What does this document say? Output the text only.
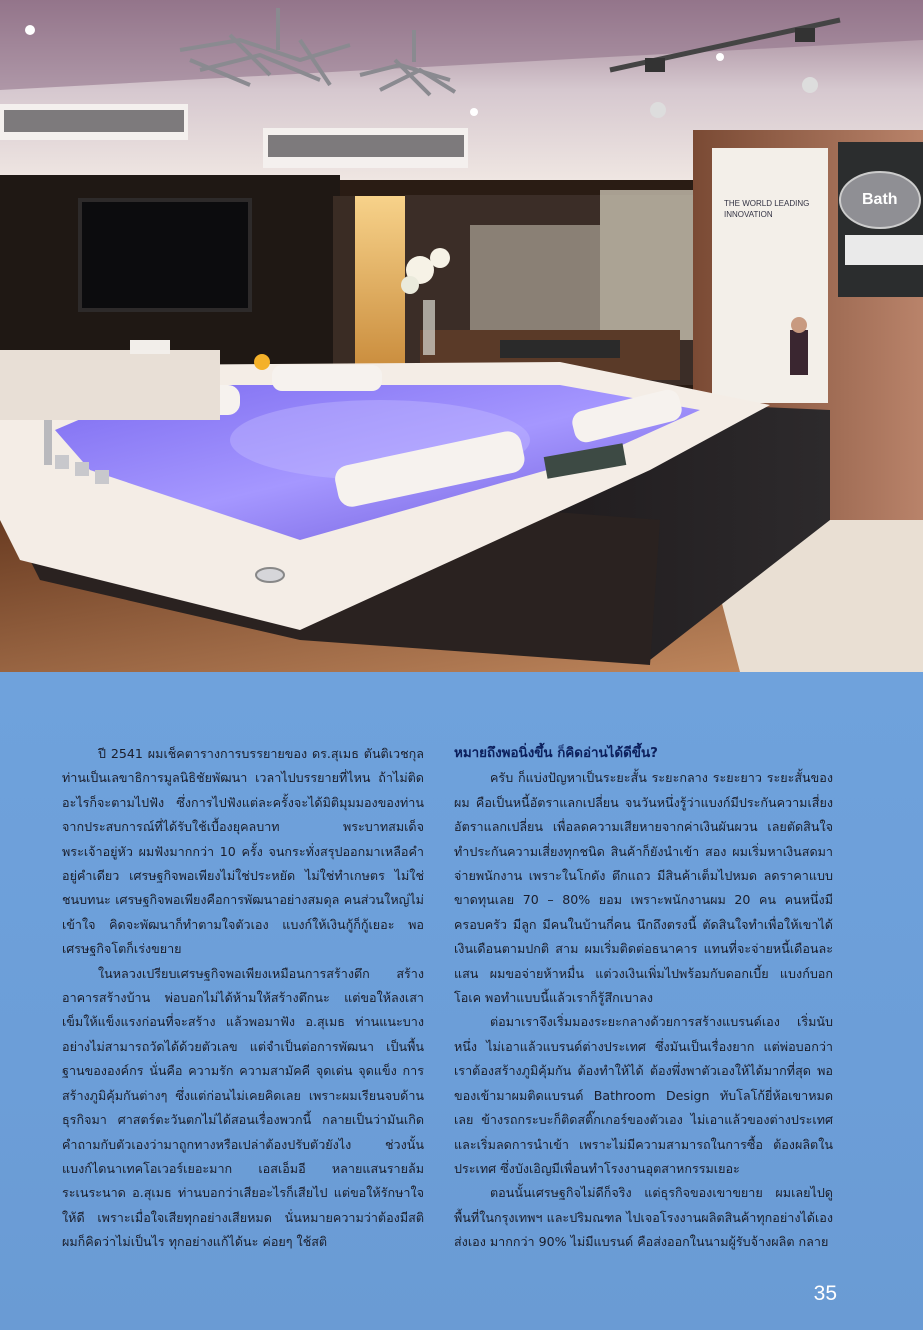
THE WORLD LEADING
INNOVATION
Bath

ปี 2541 ผมเช็คตารางการบรรยายของ ดร.สุเมธ ตันติเวชกุล ท่านเป็นเลขาธิการมูลนิธิชัยพัฒนา เวลาไปบรรยายที่ไหน ถ้าไม่ติดอะไรก็จะตามไปฟัง ซึ่งการไปฟังแต่ละครั้งจะได้มิติมุมมองของท่าน จากประสบการณ์ที่ได้รับใช้เบื้องยุคลบาท พระบาทสมเด็จพระเจ้าอยู่หัว ผมฟังมากกว่า 10 ครั้ง จนกระทั่งสรุปออกมาเหลือคำอยู่คำเดียว เศรษฐกิจพอเพียงไม่ใช่ประหยัด ไม่ใช่ทำเกษตร ไม่ใช่ชนบทนะ เศรษฐกิจพอเพียงคือการพัฒนาอย่างสมดุล คนส่วนใหญ่ไม่เข้าใจ คิดจะพัฒนาก็ทำตามใจตัวเอง แบงก์ให้เงินกู้ก็กู้เยอะ พอเศรษฐกิจโตก็เร่งขยาย

ในหลวงเปรียบเศรษฐกิจพอเพียงเหมือนการสร้างตึก สร้างอาคารสร้างบ้าน พ่อบอกไม่ได้ห้ามให้สร้างตึกนะ แต่ขอให้ลงเสาเข็มให้แข็งแรงก่อนที่จะสร้าง แล้วพอมาฟัง อ.สุเมธ ท่านแนะบางอย่างไม่สามารถวัดได้ด้วยตัวเลข แต่จำเป็นต่อการพัฒนา เป็นพื้นฐานขององค์กร นั่นคือ ความรัก ความสามัคคี จุดเด่น จุดแข็ง การสร้างภูมิคุ้มกันต่างๆ ซึ่งแต่ก่อนไม่เคยคิดเลย เพราะผมเรียนจบด้านธุรกิจมา ศาสตร์ตะวันตกไม่ได้สอนเรื่องพวกนี้ กลายเป็นว่ามันเกิดคำถามกับตัวเองว่ามาถูกทางหรือเปล่าต้องปรับตัวยังไง ช่วงนั้นแบงก์ไดนาเทคโอเวอร์เยอะมาก เอสเอ็มอี หลายแสนรายล้มระเนระนาด อ.สุเมธ ท่านบอกว่าเสียอะไรก็เสียไป แต่ขอให้รักษาใจให้ดี เพราะเมื่อใจเสียทุกอย่างเสียหมด นั่นหมายความว่าต้องมีสติ ผมก็คิดว่าไม่เป็นไร ทุกอย่างแก้ได้นะ ค่อยๆ ใช้สติ

หมายถึงพอนิ่งขึ้น ก็คิดอ่านได้ดีขึ้น?

ครับ ก็แบ่งปัญหาเป็นระยะสั้น ระยะกลาง ระยะยาว ระยะสั้นของผม คือเป็นหนี้อัตราแลกเปลี่ยน จนวันหนึ่งรู้ว่าแบงก์มีประกันความเสี่ยงอัตราแลกเปลี่ยน เพื่อลดความเสียหายจากค่าเงินผันผวน เลยตัดสินใจทำประกันความเสี่ยงทุกชนิด สินค้าก็ยังนำเข้า สอง ผมเริ่มหาเงินสดมาจ่ายพนักงาน เพราะในโกดัง ตึกแถว มีสินค้าเต็มไปหมด ลดราคาแบบขาดทุนเลย 70 – 80% ยอม เพราะพนักงานผม 20 คน คนหนึ่งมีครอบครัว มีลูก มีคนในบ้านกี่คน นึกถึงตรงนี้ ตัดสินใจทำเพื่อให้เขาได้เงินเดือนตามปกติ สาม ผมเริ่มติดต่อธนาคาร แทนที่จะจ่ายหนี้เดือนละแสน ผมขอจ่ายห้าหมื่น แต่วงเงินเพิ่มไปพร้อมกับดอกเบี้ย แบงก์บอก โอเค พอทำแบบนี้แล้วเราก็รู้สึกเบาลง

ต่อมาเราจึงเริ่มมองระยะกลางด้วยการสร้างแบรนด์เอง เริ่มนับหนึ่ง ไม่เอาแล้วแบรนด์ต่างประเทศ ซึ่งมันเป็นเรื่องยาก แต่พ่อบอกว่าเราต้องสร้างภูมิคุ้มกัน ต้องทำให้ได้ ต้องพึ่งพาตัวเองให้ได้มากที่สุด พอของเข้ามาผมติดแบรนด์ Bathroom Design ทับโลโก้ยี่ห้อเขาหมดเลย ข้างรถกระบะก็ติดสติ๊กเกอร์ของตัวเอง ไม่เอาแล้วของต่างประเทศ และเริ่มลดการนำเข้า เพราะไม่มีความสามารถในการซื้อ ต้องผลิตในประเทศ ซึ่งบังเอิญมีเพื่อนทำโรงงานอุตสาหกรรมเยอะ

ตอนนั้นเศรษฐกิจไม่ดีก็จริง แต่ธุรกิจของเขาขยาย ผมเลยไปดูพื้นที่ในกรุงเทพฯ และปริมณฑล ไปเจอโรงงานผลิตสินค้าทุกอย่างได้เองส่งเอง มากกว่า 90% ไม่มีแบรนด์ คือส่งออกในนามผู้รับจ้างผลิต กลาย

35
